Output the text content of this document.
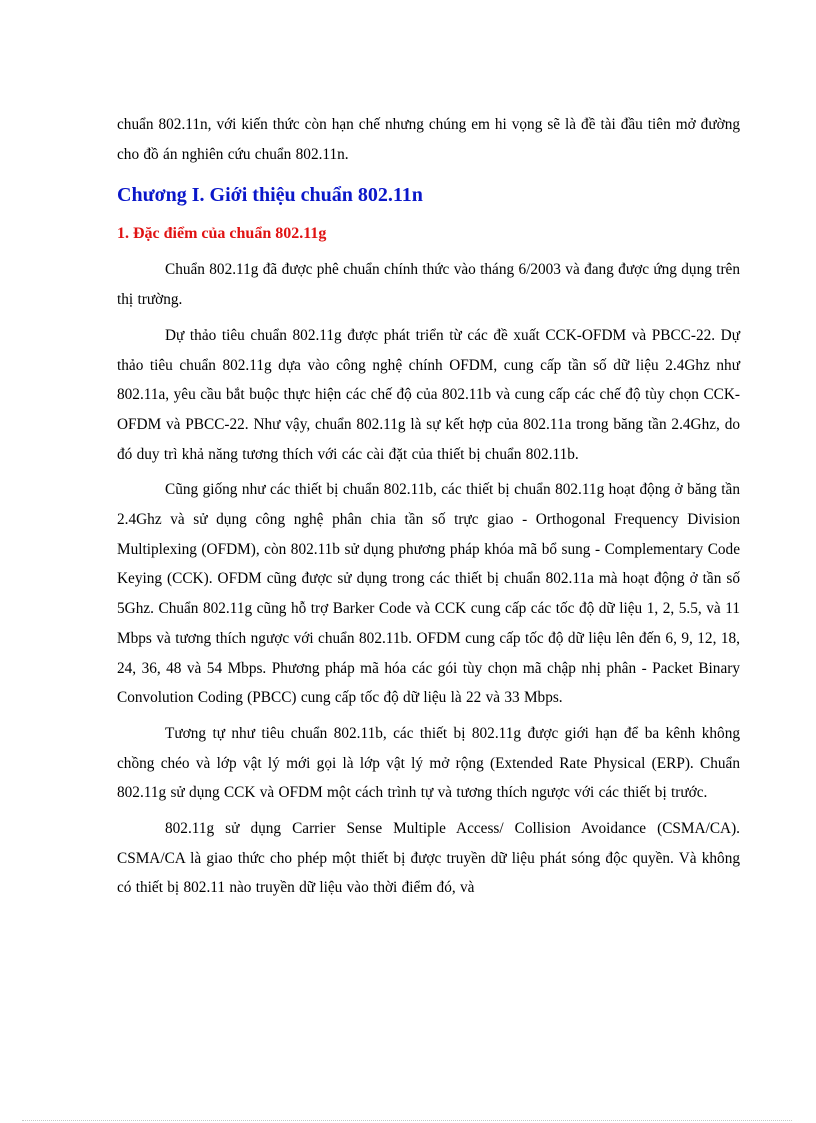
chuẩn 802.11n, với kiến thức còn hạn chế nhưng chúng em hi vọng sẽ là đề tài đầu tiên mở đường cho đồ án nghiên cứu chuẩn 802.11n.

Chương I. Giới thiệu chuẩn 802.11n
1. Đặc điểm của chuẩn 802.11g

Chuẩn 802.11g đã được phê chuẩn chính thức vào tháng 6/2003 và đang được ứng dụng trên thị trường.

Dự thảo tiêu chuẩn 802.11g được phát triển từ các đề xuất CCK-OFDM và PBCC-22. Dự thảo tiêu chuẩn 802.11g dựa vào công nghệ chính OFDM, cung cấp tần số dữ liệu 2.4Ghz như 802.11a, yêu cầu bắt buộc thực hiện các chế độ của 802.11b và cung cấp các chế độ tùy chọn CCK-OFDM và PBCC-22. Như vậy, chuẩn 802.11g là sự kết hợp của 802.11a trong băng tần 2.4Ghz, do đó duy trì khả năng tương thích với các cài đặt của thiết bị chuẩn 802.11b.

Cũng giống như các thiết bị chuẩn 802.11b, các thiết bị chuẩn 802.11g hoạt động ở băng tần 2.4Ghz và sử dụng công nghệ phân chia tần số trực giao - Orthogonal Frequency Division Multiplexing (OFDM), còn 802.11b sử dụng phương pháp khóa mã bổ sung - Complementary Code Keying (CCK). OFDM cũng được sử dụng trong các thiết bị chuẩn 802.11a mà hoạt động ở tần số 5Ghz. Chuẩn 802.11g cũng hỗ trợ Barker Code và CCK cung cấp các tốc độ dữ liệu 1, 2, 5.5, và 11 Mbps và tương thích ngược với chuẩn 802.11b. OFDM cung cấp tốc độ dữ liệu lên đến 6, 9, 12, 18, 24, 36, 48 và 54 Mbps. Phương pháp mã hóa các gói tùy chọn mã chập nhị phân - Packet Binary Convolution Coding (PBCC) cung cấp tốc độ dữ liệu là 22 và 33 Mbps.

Tương tự như tiêu chuẩn 802.11b, các thiết bị 802.11g được giới hạn để ba kênh không chồng chéo và lớp vật lý mới gọi là lớp vật lý mở rộng (Extended Rate Physical (ERP). Chuẩn 802.11g sử dụng CCK và OFDM một cách trình tự và tương thích ngược với các thiết bị trước.

802.11g sử dụng Carrier Sense Multiple Access/ Collision Avoidance (CSMA/CA). CSMA/CA là giao thức cho phép một thiết bị được truyền dữ liệu phát sóng độc quyền. Và không có thiết bị 802.11 nào truyền dữ liệu vào thời điểm đó, và
